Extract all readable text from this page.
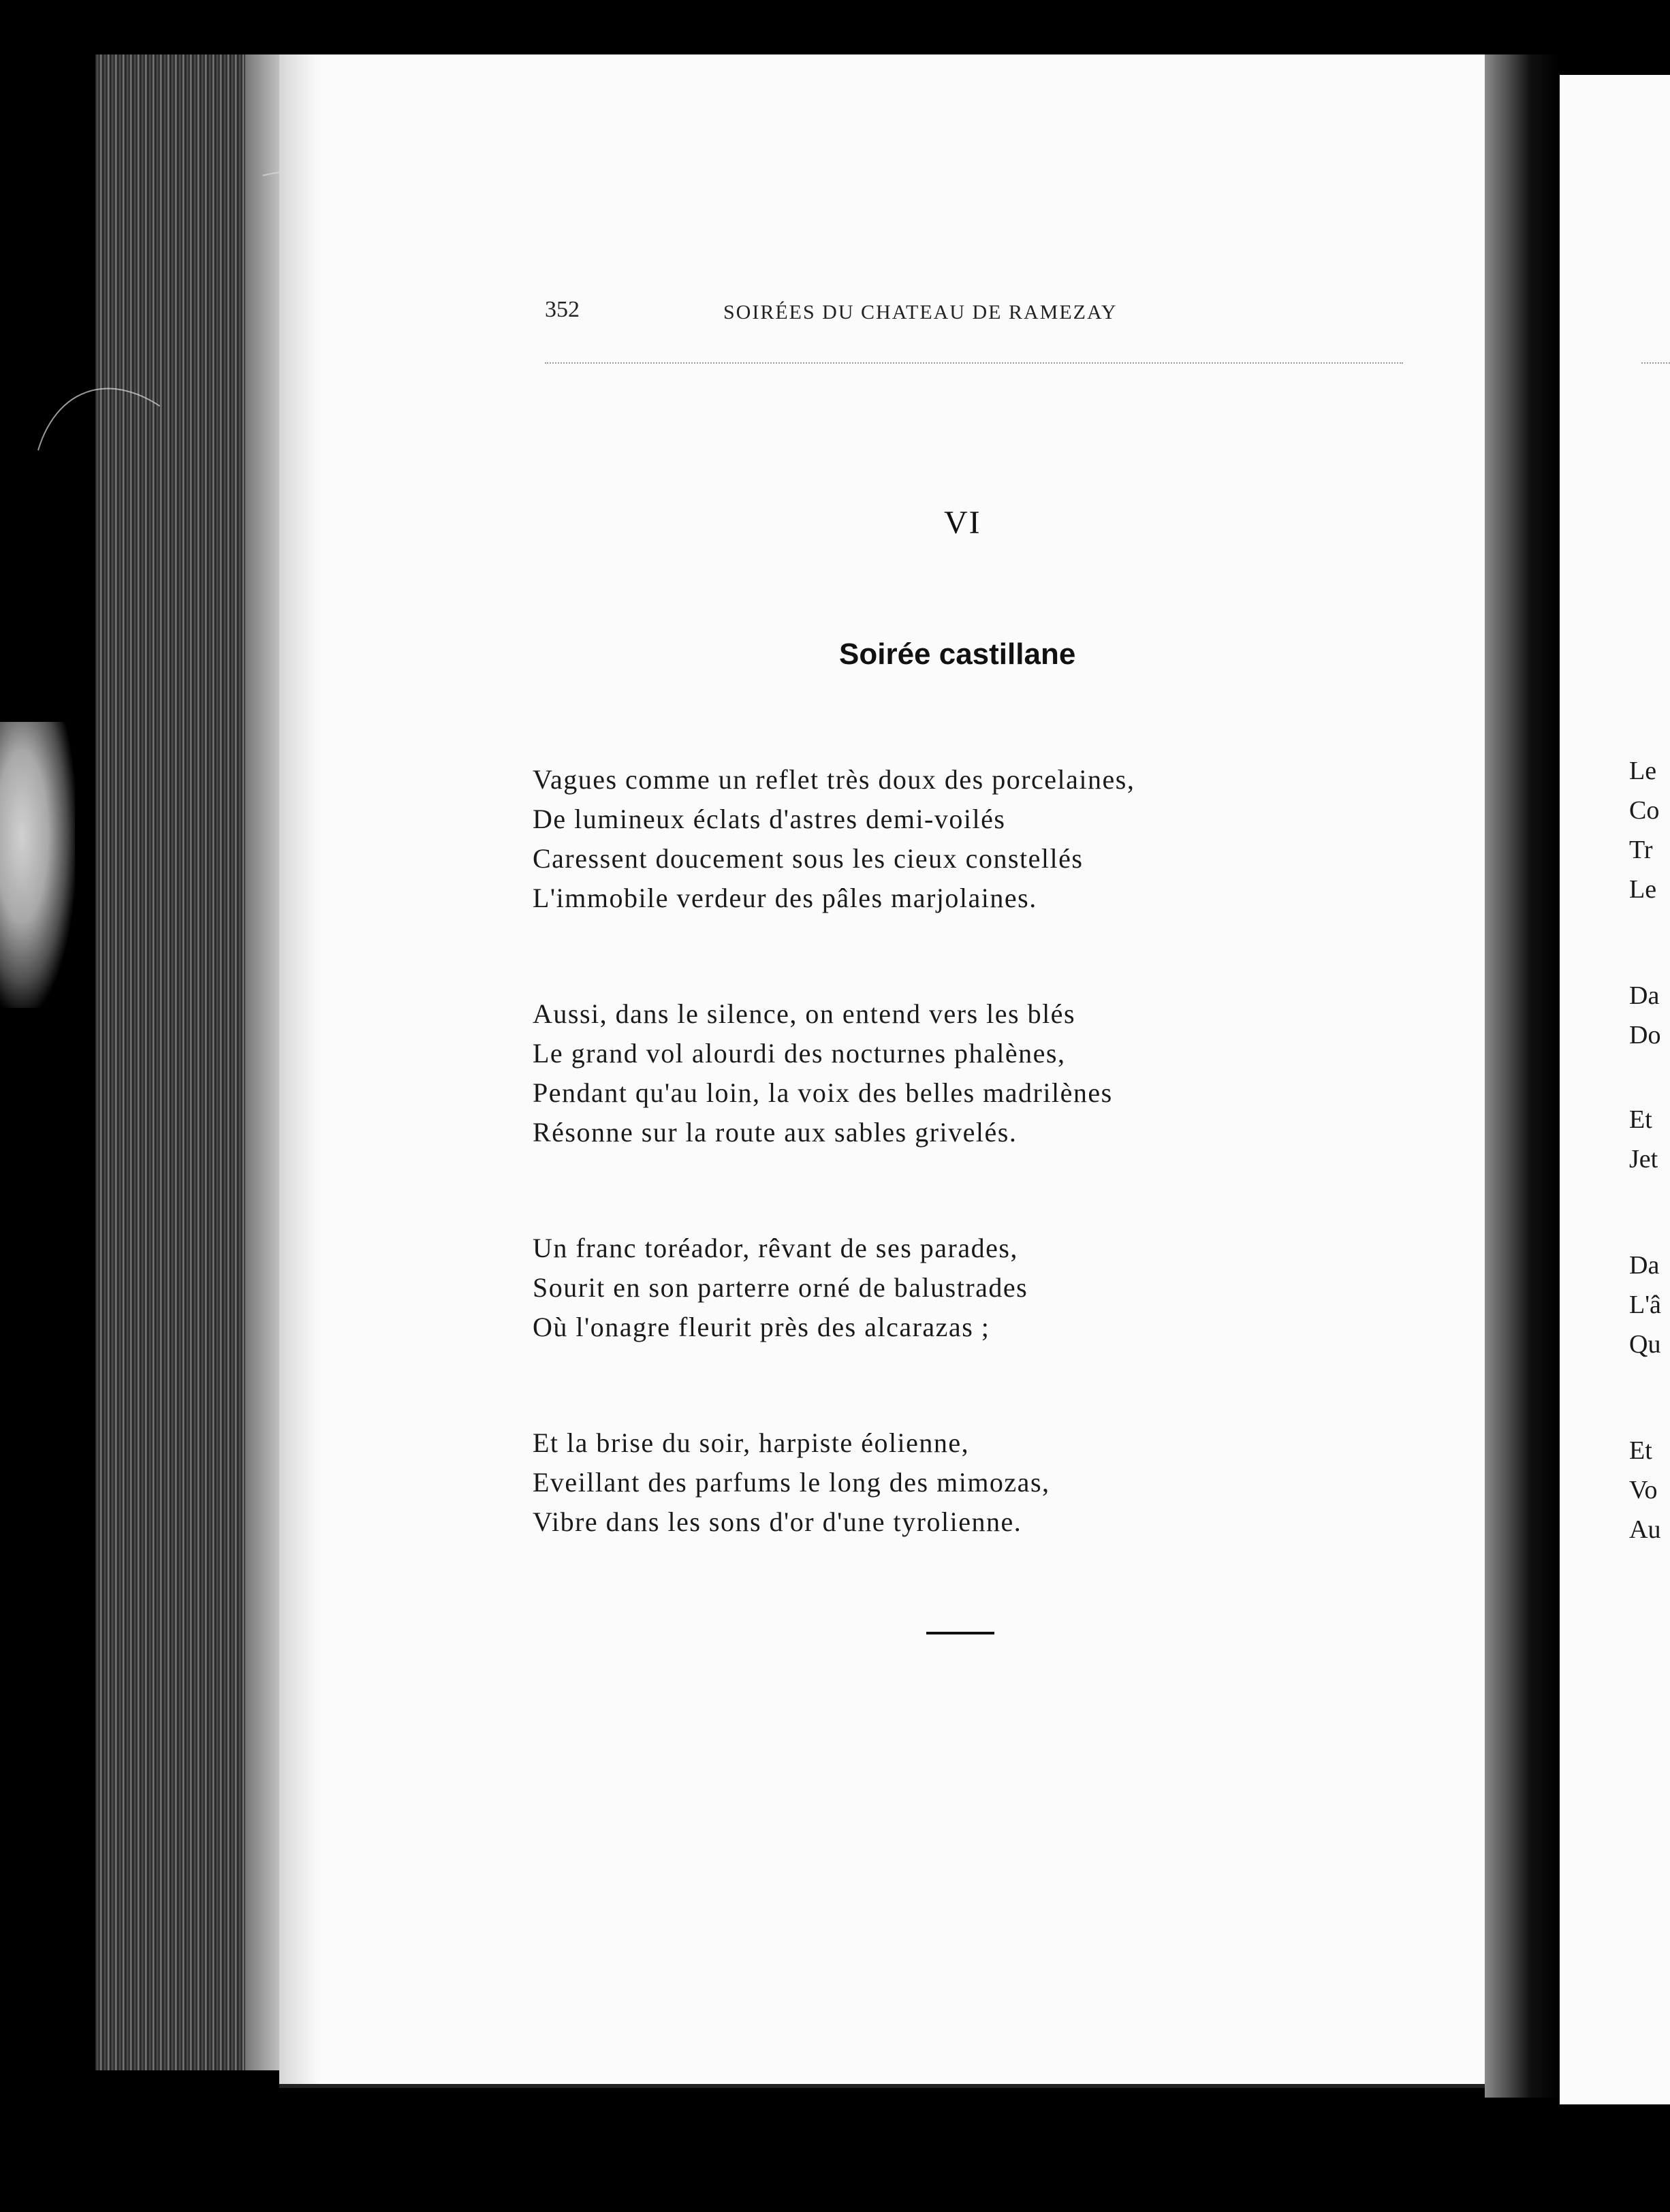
352	SOIRÉES DU CHATEAU DE RAMEZAY
VI
Soirée castillane
Vagues comme un reflet très doux des porcelaines,
De lumineux éclats d'astres demi-voilés
Caressent doucement sous les cieux constellés
L'immobile verdeur des pâles marjolaines.
Aussi, dans le silence, on entend vers les blés
Le grand vol alourdi des nocturnes phalènes,
Pendant qu'au loin, la voix des belles madrilènes
Résonne sur la route aux sables grivelés.
Un franc toréador, rêvant de ses parades,
Sourit en son parterre orné de balustrades
Où l'onagre fleurit près des alcarazas ;
Et la brise du soir, harpiste éolienne,
Eveillant des parfums le long des mimozas,
Vibre dans les sons d'or d'une tyrolienne.
Le
Co
Tr
Le
Da
Do
Et
Jet
Da
L'â
Qu
Et
Vo
Au
